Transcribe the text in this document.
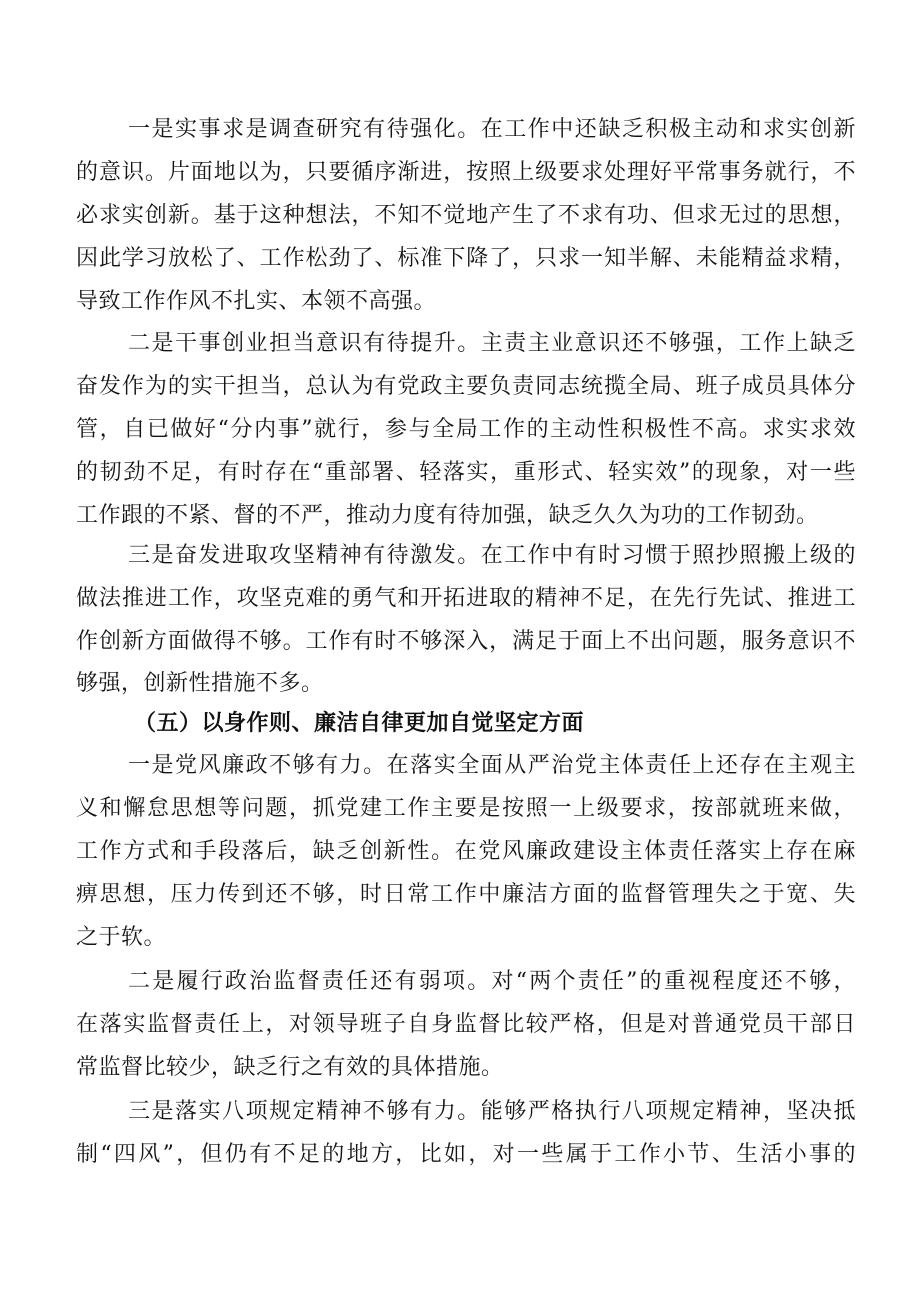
一是实事求是调查研究有待强化。在工作中还缺乏积极主动和求实创新
的意识。片面地以为，只要循序渐进，按照上级要求处理好平常事务就行，不
必求实创新。基于这种想法，不知不觉地产生了不求有功、但求无过的思想，
因此学习放松了、工作松劲了、标准下降了，只求一知半解、未能精益求精，
导致工作作风不扎实、本领不高强。
二是干事创业担当意识有待提升。主责主业意识还不够强，工作上缺乏
奋发作为的实干担当，总认为有党政主要负责同志统揽全局、班子成员具体分
管，自已做好“分内事”就行，参与全局工作的主动性积极性不高。求实求效
的韧劲不足，有时存在“重部署、轻落实，重形式、轻实效”的现象，对一些
工作跟的不紧、督的不严，推动力度有待加强，缺乏久久为功的工作韧劲。
三是奋发进取攻坚精神有待激发。在工作中有时习惯于照抄照搬上级的
做法推进工作，攻坚克难的勇气和开拓进取的精神不足，在先行先试、推进工
作创新方面做得不够。工作有时不够深入，满足于面上不出问题，服务意识不
够强，创新性措施不多。
（五）以身作则、廉洁自律更加自觉坚定方面
一是党风廉政不够有力。在落实全面从严治党主体责任上还存在主观主
义和懈怠思想等问题，抓党建工作主要是按照一上级要求，按部就班来做，
工作方式和手段落后，缺乏创新性。在党风廉政建设主体责任落实上存在麻
痹思想，压力传到还不够，时日常工作中廉洁方面的监督管理失之于宽、失
之于软。
二是履行政治监督责任还有弱项。对“两个责任”的重视程度还不够，
在落实监督责任上，对领导班子自身监督比较严格，但是对普通党员干部日
常监督比较少，缺乏行之有效的具体措施。
三是落实八项规定精神不够有力。能够严格执行八项规定精神，坚决抵
制“四风”，但仍有不足的地方，比如，对一些属于工作小节、生活小事的
